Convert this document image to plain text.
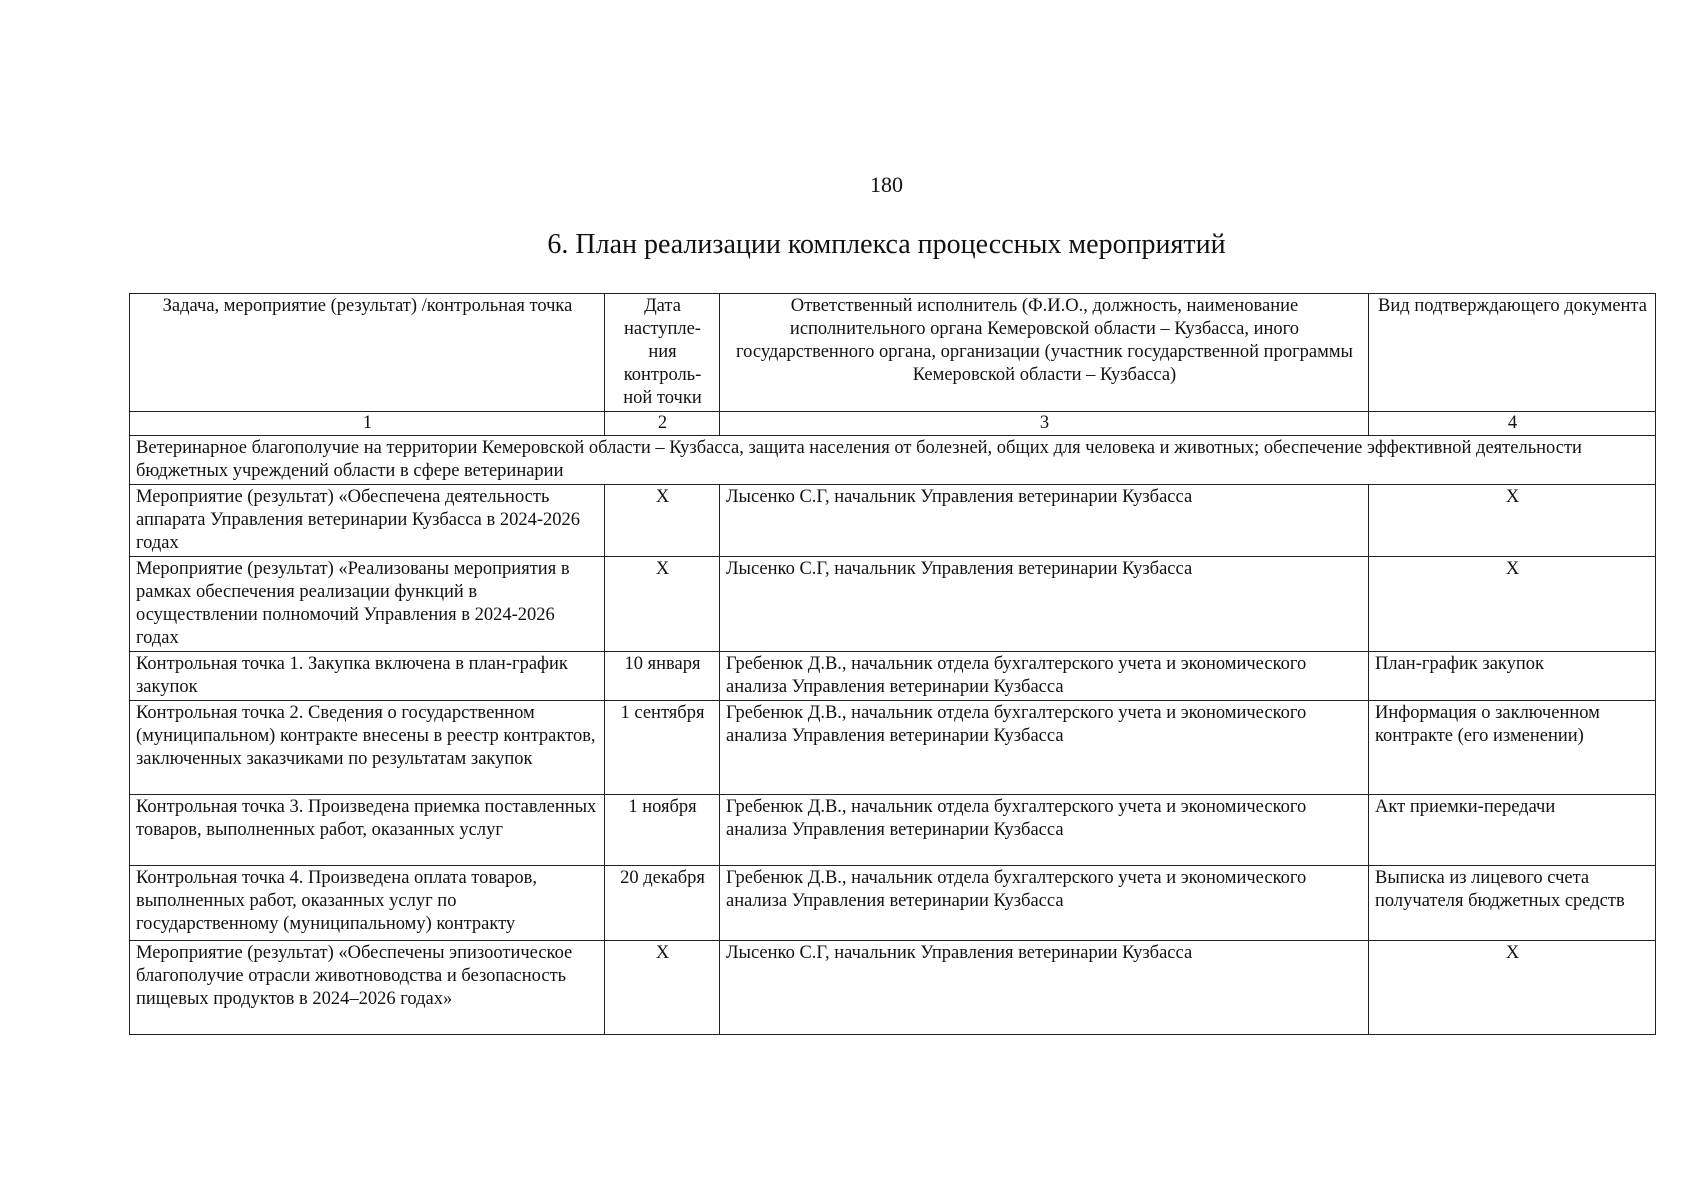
180
6. План реализации комплекса процессных мероприятий
Задача, мероприятие (результат) /контрольная точка	Дата наступле-ния контроль-ной точки	Ответственный исполнитель (Ф.И.О., должность, наименование исполнительного органа Кемеровской области – Кузбасса, иного государственного органа, организации (участник государственной программы Кемеровской области – Кузбасса)	Вид подтверждающего документа
1	2	3	4
Ветеринарное благополучие на территории Кемеровской области – Кузбасса, защита населения от болезней, общих для человека и животных; обеспечение эффективной деятельности бюджетных учреждений области в сфере ветеринарии			
Мероприятие (результат) «Обеспечена деятельность аппарата Управления ветеринарии Кузбасса в 2024-2026 годах	Х	Лысенко С.Г, начальник Управления ветеринарии Кузбасса	Х
Мероприятие (результат) «Реализованы мероприятия в рамках обеспечения реализации функций в осуществлении полномочий Управления в 2024-2026 годах	Х	Лысенко С.Г, начальник Управления ветеринарии Кузбасса	Х
Контрольная точка 1. Закупка включена в план-график закупок	10 января	Гребенюк Д.В., начальник отдела бухгалтерского учета и экономического анализа Управления ветеринарии Кузбасса	План-график закупок
Контрольная точка 2. Сведения о государственном (муниципальном) контракте внесены в реестр контрактов, заключенных заказчиками по результатам закупок	1 сентября	Гребенюк Д.В., начальник отдела бухгалтерского учета и экономического анализа Управления ветеринарии Кузбасса	Информация о заключенном контракте (его изменении)
Контрольная точка 3. Произведена приемка поставленных товаров, выполненных работ, оказанных услуг	1 ноября	Гребенюк Д.В., начальник отдела бухгалтерского учета и экономического анализа Управления ветеринарии Кузбасса	Акт приемки-передачи
Контрольная точка 4. Произведена оплата товаров, выполненных работ, оказанных услуг по государственному (муниципальному) контракту	20 декабря	Гребенюк Д.В., начальник отдела бухгалтерского учета и экономического анализа Управления ветеринарии Кузбасса	Выписка из лицевого счета получателя бюджетных средств
Мероприятие (результат) «Обеспечены эпизоотическое благополучие отрасли животноводства и безопасность пищевых продуктов в 2024–2026 годах»	Х	Лысенко С.Г, начальник Управления ветеринарии Кузбасса	Х
